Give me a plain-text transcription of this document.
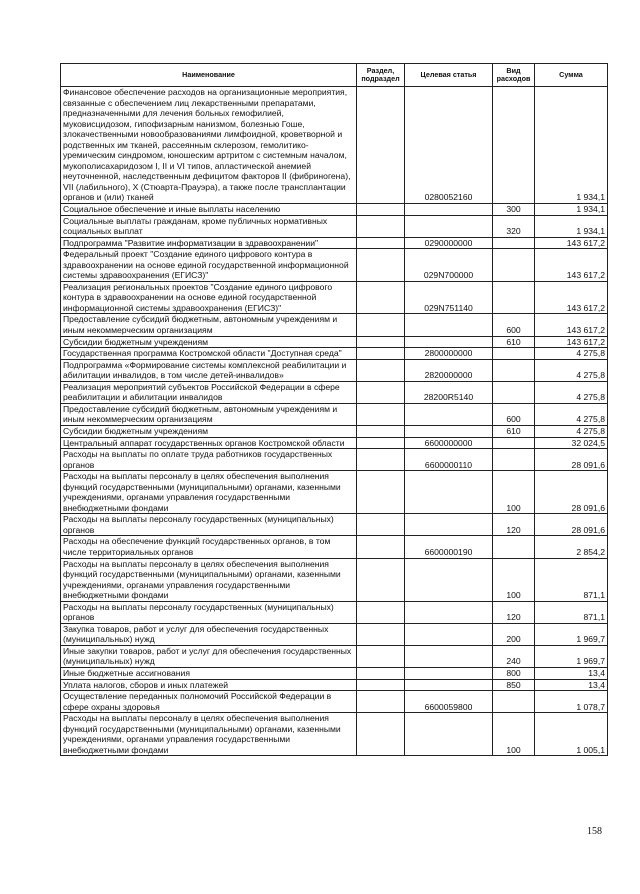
Наименование	Раздел, подраздел	Целевая статья	Вид расходов	Сумма
Финансовое обеспечение расходов на организационные мероприятия, связанные с обеспечением лиц лекарственными препаратами, предназначенными для лечения больных гемофилией, муковисцидозом, гипофизарным нанизмом, болезнью Гоше, злокачественными новообразованиями лимфоидной, кроветворной и родственных им тканей, рассеянным склерозом, гемолитико-уремическим синдромом, юношеским артритом с системным началом, мукополисахаридозом I, II и VI типов, апластической анемией неуточненной, наследственным дефицитом факторов II (фибриногена), VII (лабильного), X (Стюарта-Прауэра), а также после трансплантации органов и (или) тканей		0280052160		1 934,1
Социальное обеспечение и иные выплаты населению			300	1 934,1
Социальные выплаты гражданам, кроме публичных нормативных социальных выплат			320	1 934,1
Подпрограмма "Развитие информатизации в здравоохранении"		0290000000		143 617,2
Федеральный проект "Создание единого цифрового контура в здравоохранении на основе единой государственной информационной системы здравоохранения (ЕГИСЗ)"		029N700000		143 617,2
Реализация региональных проектов "Создание единого цифрового контура в здравоохранении на основе единой государственной информационной системы здравоохранения (ЕГИСЗ)"		029N751140		143 617,2
Предоставление субсидий бюджетным, автономным учреждениям и иным некоммерческим организациям			600	143 617,2
Субсидии бюджетным учреждениям			610	143 617,2
Государственная программа Костромской области "Доступная среда"		2800000000		4 275,8
Подпрограмма «Формирование системы комплексной реабилитации и абилитации инвалидов, в том числе детей-инвалидов»		2820000000		4 275,8
Реализация мероприятий субъектов Российской Федерации в сфере реабилитации и абилитации инвалидов		28200R5140		4 275,8
Предоставление субсидий бюджетным, автономным учреждениям и иным некоммерческим организациям			600	4 275,8
Субсидии бюджетным учреждениям			610	4 275,8
Центральный аппарат государственных органов Костромской области		6600000000		32 024,5
Расходы на выплаты по оплате труда работников государственных органов		6600000110		28 091,6
Расходы на выплаты персоналу в целях обеспечения выполнения функций государственными (муниципальными) органами, казенными учреждениями, органами управления государственными внебюджетными фондами			100	28 091,6
Расходы на выплаты персоналу государственных (муниципальных) органов			120	28 091,6
Расходы на обеспечение функций государственных органов, в том числе территориальных органов		6600000190		2 854,2
Расходы на выплаты персоналу в целях обеспечения выполнения функций государственными (муниципальными) органами, казенными учреждениями, органами управления государственными внебюджетными фондами			100	871,1
Расходы на выплаты персоналу государственных (муниципальных) органов			120	871,1
Закупка товаров, работ и услуг для обеспечения государственных (муниципальных) нужд			200	1 969,7
Иные закупки товаров, работ и услуг для обеспечения государственных (муниципальных) нужд			240	1 969,7
Иные бюджетные ассигнования			800	13,4
Уплата налогов, сборов и иных платежей			850	13,4
Осуществление переданных полномочий Российской Федерации в сфере охраны здоровья		6600059800		1 078,7
Расходы на выплаты персоналу в целях обеспечения выполнения функций государственными (муниципальными) органами, казенными учреждениями, органами управления государственными внебюджетными фондами			100	1 005,1
158
